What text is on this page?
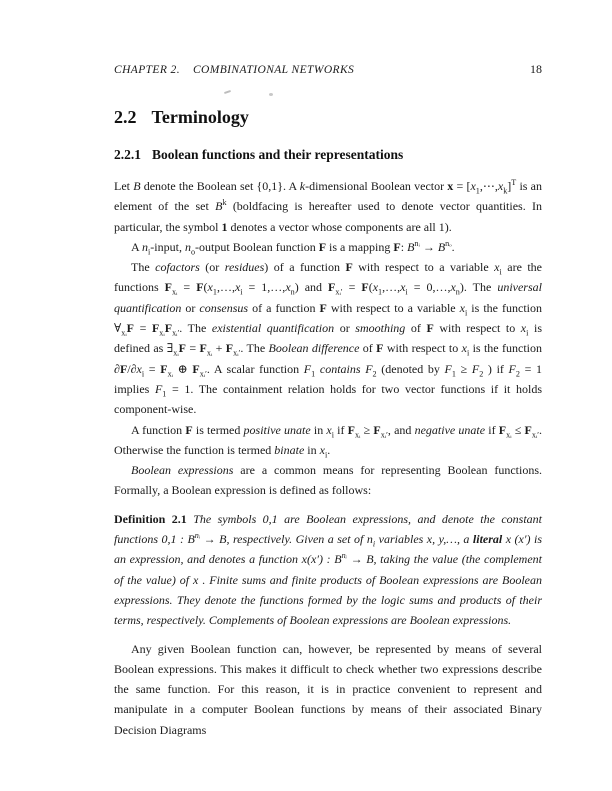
CHAPTER 2. COMBINATIONAL NETWORKS	18
2.2 Terminology
2.2.1 Boolean functions and their representations

Let B denote the Boolean set {0,1}. A k-dimensional Boolean vector $x = [x_1,\cdots,x_k]^T$ is an element of the set $B^k$ (boldfacing is hereafter used to denote vector quantities. In particular, the symbol 1 denotes a vector whose components are all 1).

A $n_i$-input, $n_o$-output Boolean function F is a mapping F: $B^{nᵢ} \to B^{n_o}$.

The cofactors (or residues) of a function F with respect to a variable $x_i$ are the functions $F_{xᵢ}$ = $F(x_1,\dots,x_i$ = $1,\dots,x_n$) and $F_{xᵢ'}$ = $F(x_1,\dots,x_i$ = $0,\dots,x_n$). The universal quantification or consensus of a function F with respect to a variable $x_i$ is the function $\forall_{xᵢ}F = F_{xᵢ}F_{xᵢ'}$. The existential quantification or smoothing of F with respect to $x_i$ is defined as $\exists_{xᵢ}F = F_{xᵢ} + F_{xᵢ'}$. The Boolean difference of F with respect to $x_i$ is the function $\partial F/\partial x_i = F_{xᵢ}$ ⊕ $F_{xᵢ'}$. A scalar function $F_1$ contains $F_2$ (denoted by $F_1 \ge F_2$ ) if $F_2 = 1$ implies $F_1 = 1$. The containment relation holds for two vector functions if it holds component-wise.

A function F is termed positive unate in $x_i$ if $F_{xᵢ} \ge F_{xᵢ'}$, and negative unate if $F_{xᵢ} \le F_{xᵢ'}$. Otherwise the function is termed binate in $x_i$.

Boolean expressions are a common means for representing Boolean functions. Formally, a Boolean expression is defined as follows:

Definition 2.1 The symbols 0,1 are Boolean expressions, and denote the constant functions 0,1 : $B^{nᵢ} \to B$, respectively. Given a set of $n_i$ variables x, y,…, a literal x (x′) is an expression, and denotes a function x(x′) : $B^{nᵢ} \to B$, taking the value (the complement of the value) of x . Finite sums and finite products of Boolean expressions are Boolean expressions. They denote the functions formed by the logic sums and products of their terms, respectively. Complements of Boolean expressions are Boolean expressions.

Any given Boolean function can, however, be represented by means of several Boolean expressions. This makes it difficult to check whether two expressions describe the same function. For this reason, it is in practice convenient to represent and manipulate in a computer Boolean functions by means of their associated Binary Decision Diagrams
